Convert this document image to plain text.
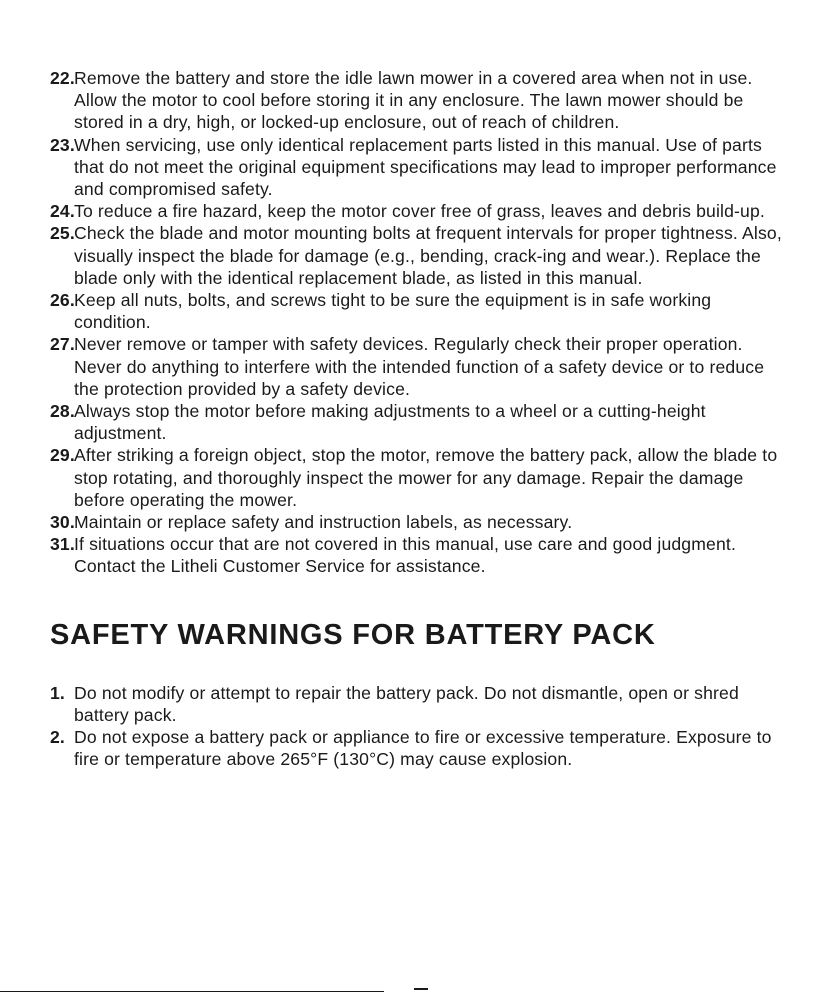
22. Remove the battery and store the idle lawn mower in a covered area when not in use. Allow the motor to cool before storing it in any enclosure. The lawn mower should be stored in a dry, high, or locked-up enclosure, out of reach of children.
23. When servicing, use only identical replacement parts listed in this manual. Use of parts that do not meet the original equipment specifications may lead to improper performance and compromised safety.
24. To reduce a fire hazard, keep the motor cover free of grass, leaves and debris build-up.
25. Check the blade and motor mounting bolts at frequent intervals for proper tightness. Also, visually inspect the blade for damage (e.g., bending, crack-ing and wear.). Replace the blade only with the identical replacement blade, as listed in this manual.
26. Keep all nuts, bolts, and screws tight to be sure the equipment is in safe working condition.
27. Never remove or tamper with safety devices. Regularly check their proper operation. Never do anything to interfere with the intended function of a safety device or to reduce the protection provided by a safety device.
28. Always stop the motor before making adjustments to a wheel or a cutting-height adjustment.
29. After striking a foreign object, stop the motor, remove the battery pack, allow the blade to stop rotating, and thoroughly inspect the mower for any damage. Repair the damage before operating the mower.
30. Maintain or replace safety and instruction labels, as necessary.
31. If situations occur that are not covered in this manual, use care and good judgment. Contact the Litheli Customer Service for assistance.
SAFETY WARNINGS FOR BATTERY PACK
1. Do not modify or attempt to repair the battery pack. Do not dismantle, open or shred battery pack.
2. Do not expose a battery pack or appliance to fire or excessive temperature. Exposure to fire or temperature above 265°F (130°C) may cause explosion.
